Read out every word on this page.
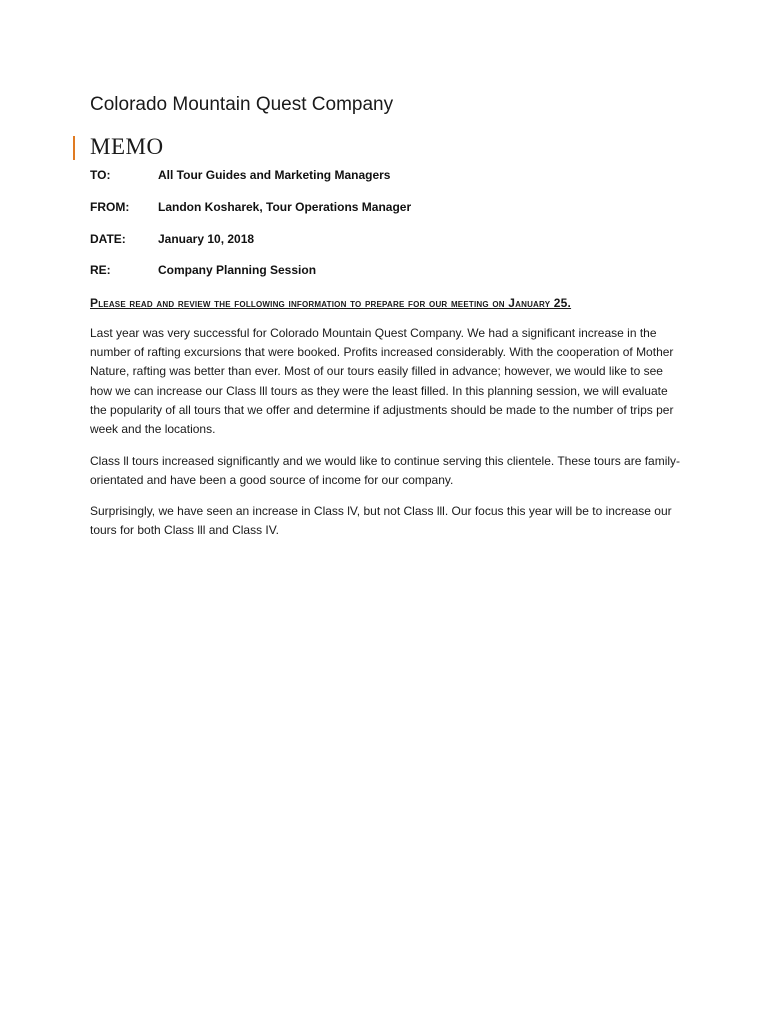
Colorado Mountain Quest Company
MEMO
TO:	All Tour Guides and Marketing Managers
FROM: Landon Kosharek, Tour Operations Manager
DATE:	January 10, 2018
RE:	Company Planning Session
Please read and review the following information to prepare for our meeting on January 25.

Last year was very successful for Colorado Mountain Quest Company. We had a significant increase in the number of rafting excursions that were booked. Profits increased considerably. With the cooperation of Mother Nature, rafting was better than ever. Most of our tours easily filled in advance; however, we would like to see how we can increase our Class lll tours as they were the least filled. In this planning session, we will evaluate the popularity of all tours that we offer and determine if adjustments should be made to the number of trips per week and the locations.

Class ll tours increased significantly and we would like to continue serving this clientele. These tours are family-orientated and have been a good source of income for our company.

Surprisingly, we have seen an increase in Class lV, but not Class lll. Our focus this year will be to increase our tours for both Class lll and Class IV.
